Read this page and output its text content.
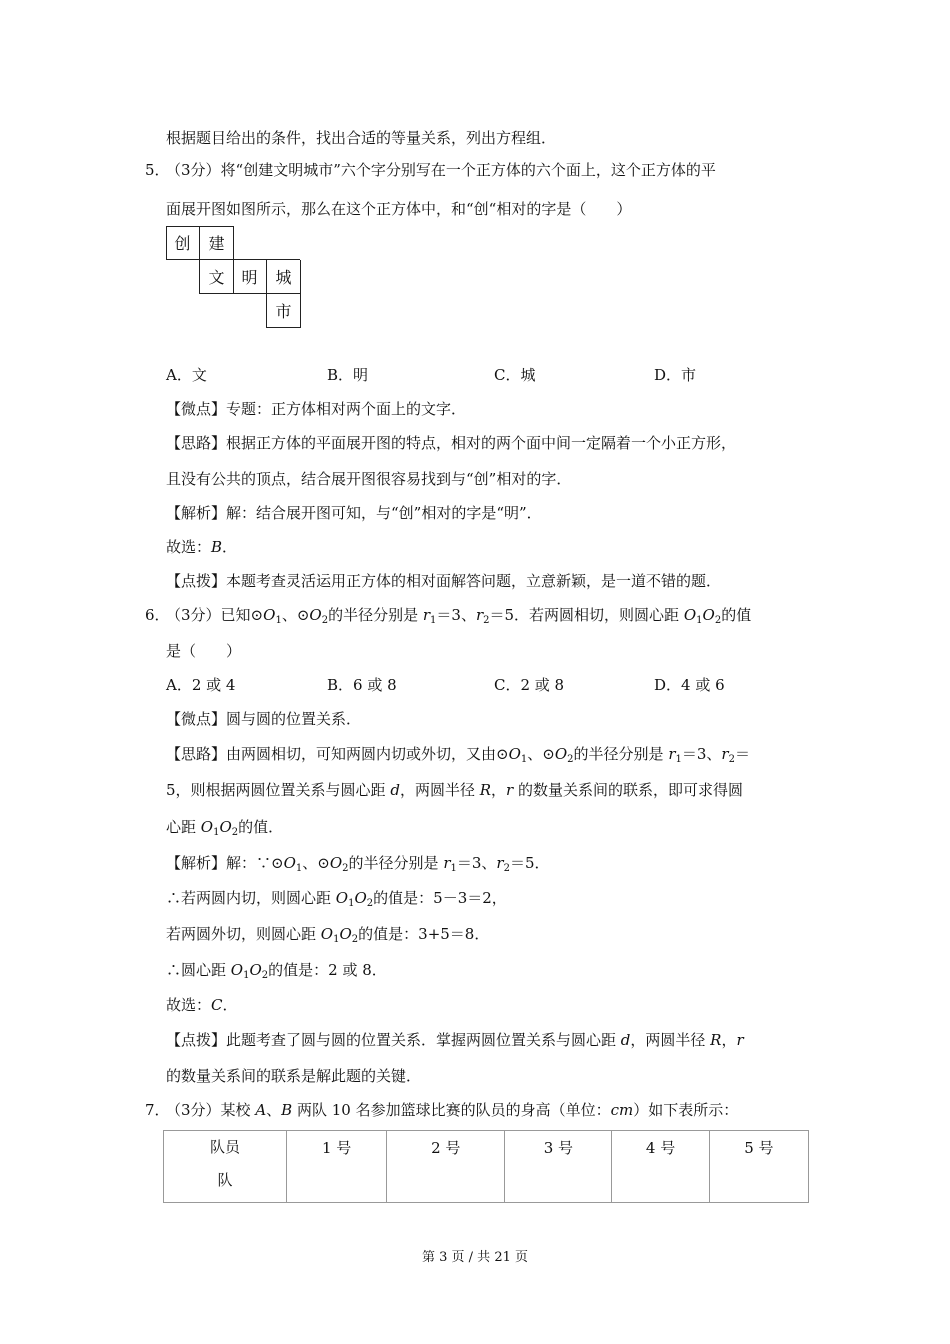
根据题目给出的条件，找出合适的等量关系，列出方程组．
5．
（3分）将“创建文明城市”六个字分别写在一个正方体的六个面上，这个正方体的平
面展开图如图所示，那么在这个正方体中，和“创“相对的字是（　　）
创	建
文	明	城
市
A．文	B．明	C．城	D．市
【微点】专题：正方体相对两个面上的文字．
【思路】根据正方体的平面展开图的特点，相对的两个面中间一定隔着一个小正方形，
且没有公共的顶点，结合展开图很容易找到与“创”相对的字．
【解析】解：结合展开图可知，与“创”相对的字是“明”．
故选：B．
【点拨】本题考查灵活运用正方体的相对面解答问题，立意新颖，是一道不错的题．
6．
（3分）已知$⊙O_1$、$⊙O_2$的半径分别是 $r_1=3$、$r_2=5$．若两圆相切，则圆心距 $O_1O_2$的值
是（　　）
A．2 或 4	B．6 或 8	C．2 或 8	D．4 或 6
【微点】圆与圆的位置关系．
【思路】由两圆相切，可知两圆内切或外切，又由$⊙O_1$、$⊙O_2$的半径分别是 $r_1=3$、$r_2=$
5，则根据两圆位置关系与圆心距 d，两圆半径 R，r 的数量关系间的联系，即可求得圆
心距 $O_1O_2$的值．
【解析】解：$\because⊙O_1$、$⊙O_2$的半径分别是 $r_1=3$、$r_2=5$．
∴若两圆内切，则圆心距 $O_1O_2$的值是：5－3＝2，
若两圆外切，则圆心距 $O_1O_2$的值是：3+5＝8．
∴圆心距 $O_1O_2$的值是：2 或 8．
故选：C．
【点拨】此题考查了圆与圆的位置关系．掌握两圆位置关系与圆心距 d，两圆半径 R，r
的数量关系间的联系是解此题的关键．
7．
（3分）某校 A、B 两队 10 名参加篮球比赛的队员的身高（单位：cm）如下表所示：
队员
队
	1 号	2 号	3 号	4 号	5 号
第 3 页 / 共 21 页
